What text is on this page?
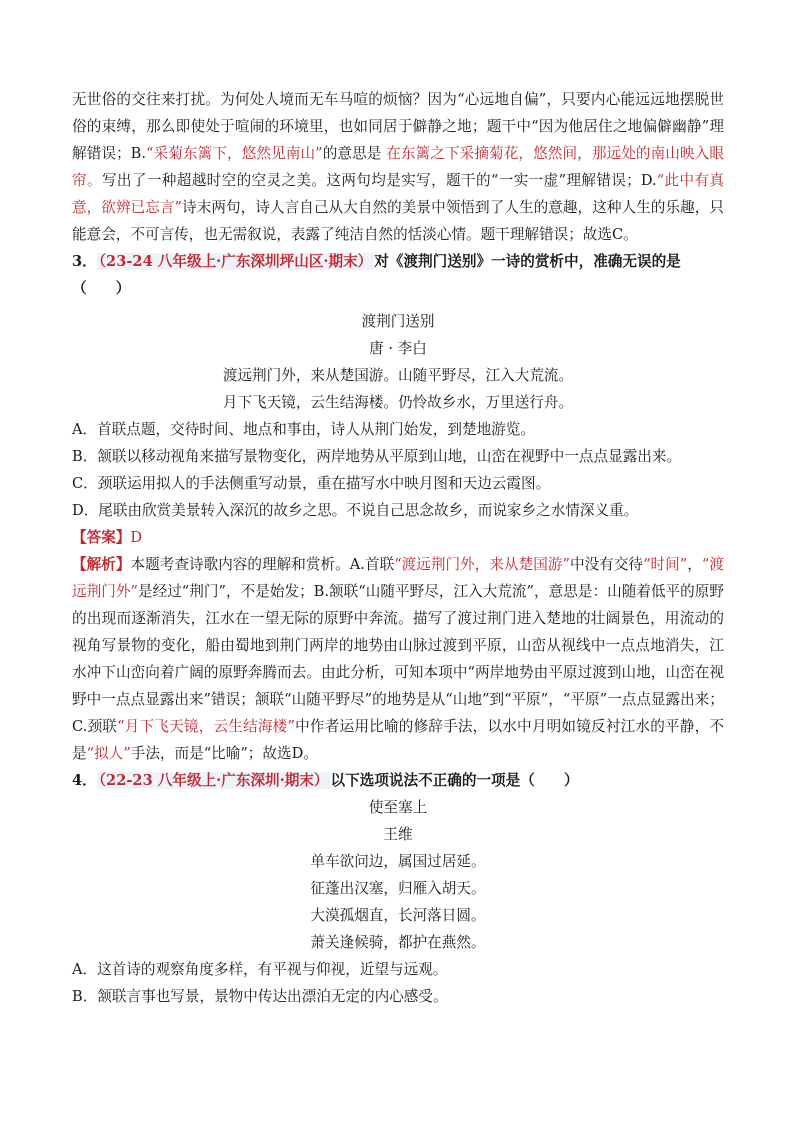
无世俗的交往来打扰。为何处人境而无车马喧的烦恼？因为“心远地自偏”，只要内心能远远地摆脱世俗的束缚，那么即使处于喧闹的环境里，也如同居于僻静之地；题干中“因为他居住之地偏僻幽静”理解错误；B.“采菊东篱下，悠然见南山”的意思是 在东篱之下采摘菊花，悠然间，那远处的南山映入眼帘。写出了一种超越时空的空灵之美。这两句均是实写，题干的“一实一虚”理解错误；D.“此中有真意，欲辨已忘言”诗末两句，诗人言自己从大自然的美景中领悟到了人生的意趣，这种人生的乐趣，只能意会，不可言传，也无需叙说，表露了纯洁自然的恬淡心情。题干理解错误；故选C。
3． （23-24 八年级上·广东深圳坪山区·期末） 对《渡荆门送别》一诗的赏析中，准确无误的是
（　　）
渡荆门送别
唐 · 李白
渡远荆门外，来从楚国游。山随平野尽，江入大荒流。
月下飞天镜，云生结海楼。仍怜故乡水，万里送行舟。
A．首联点题，交待时间、地点和事由，诗人从荆门始发，到楚地游览。
B．颔联以移动视角来描写景物变化，两岸地势从平原到山地，山峦在视野中一点点显露出来。
C．颈联运用拟人的手法侧重写动景，重在描写水中映月图和天边云霞图。
D．尾联由欣赏美景转入深沉的故乡之思。不说自己思念故乡，而说家乡之水情深义重。
【答案】D
【解析】本题考查诗歌内容的理解和赏析。A.首联“渡远荆门外，来从楚国游”中没有交待“时间”，“渡远荆门外”是经过“荆门”，不是始发；B.颔联“山随平野尽，江入大荒流”，意思是：山随着低平的原野的出现而逐渐消失，江水在一望无际的原野中奔流。描写了渡过荆门进入楚地的壮阔景色，用流动的视角写景物的变化，船由蜀地到荆门两岸的地势由山脉过渡到平原，山峦从视线中一点点地消失，江水冲下山峦向着广阔的原野奔腾而去。由此分析，可知本项中“两岸地势由平原过渡到山地，山峦在视野中一点点显露出来”错误；颔联“山随平野尽”的地势是从“山地”到“平原”，“平原”一点点显露出来；C.颈联“月下飞天镜，云生结海楼”中作者运用比喻的修辞手法，以水中月明如镜反衬江水的平静，不是“拟人”手法，而是“比喻”；故选D。
4． （22-23 八年级上·广东深圳·期末） 以下选项说法不正确的一项是（　　）
使至塞上
王维
单车欲问边，属国过居延。
征蓬出汉塞，归雁入胡天。
大漠孤烟直，长河落日圆。
萧关逢候骑，都护在燕然。
A．这首诗的观察角度多样，有平视与仰视，近望与远观。
B．颔联言事也写景，景物中传达出漂泊无定的内心感受。
